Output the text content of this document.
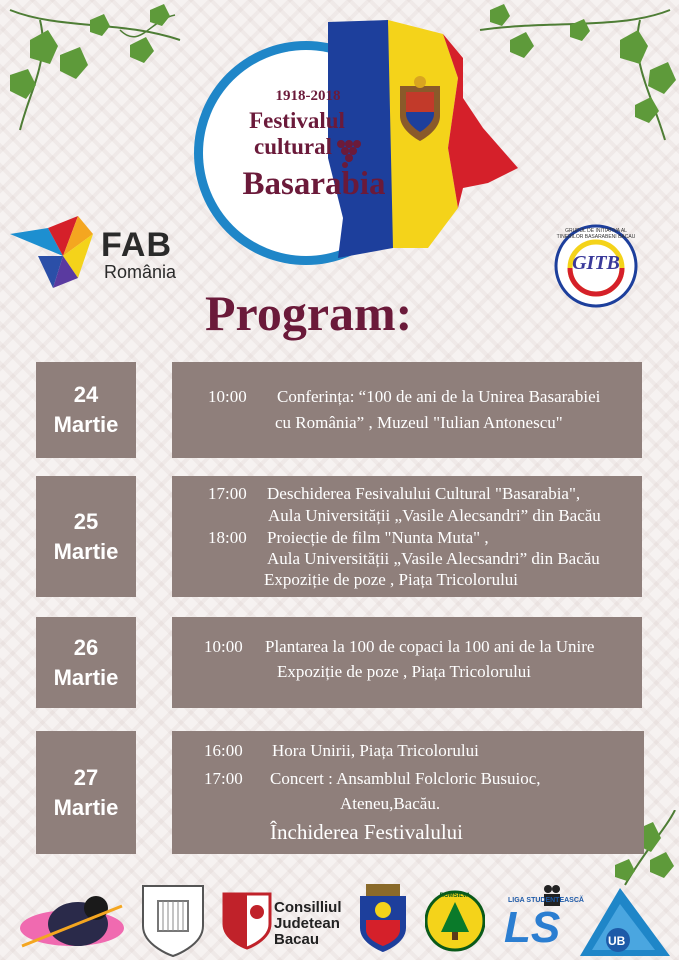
1918-2018
Festivalul
cultural
Basarabia
FAB
România
GRUPUL DE INITIATIVA AL TINERILOR BASARABENI BACAU
GITB
Program:
24
Martie
10:00 Conferința: “100 de ani de la Unirea Basarabiei
cu România” , Muzeul "Iulian Antonescu"
25
Martie
17:00 Deschiderea Fesivalului Cultural "Basarabia",
Aula Universității „Vasile Alecsandri” din Bacău
18:00 Proiecție de film "Nunta Muta" ,
Aula Universității „Vasile Alecsandri” din Bacău
Expoziție de poze , Piața Tricolorului
26
Martie
10:00 Plantarea la 100 de copaci la 100 ani de la Unire
Expoziție de poze , Piața Tricolorului
27
Martie
16:00 Hora Unirii, Piața Tricolorului
17:00 Concert : Ansamblul Folcloric Busuioc,
Ateneu,Bacău.
Închiderea Festivalului
Consilliul
Judetean
Bacau
ROMSILVA
LIGA STUDENTEASCĂ
LS	UB
